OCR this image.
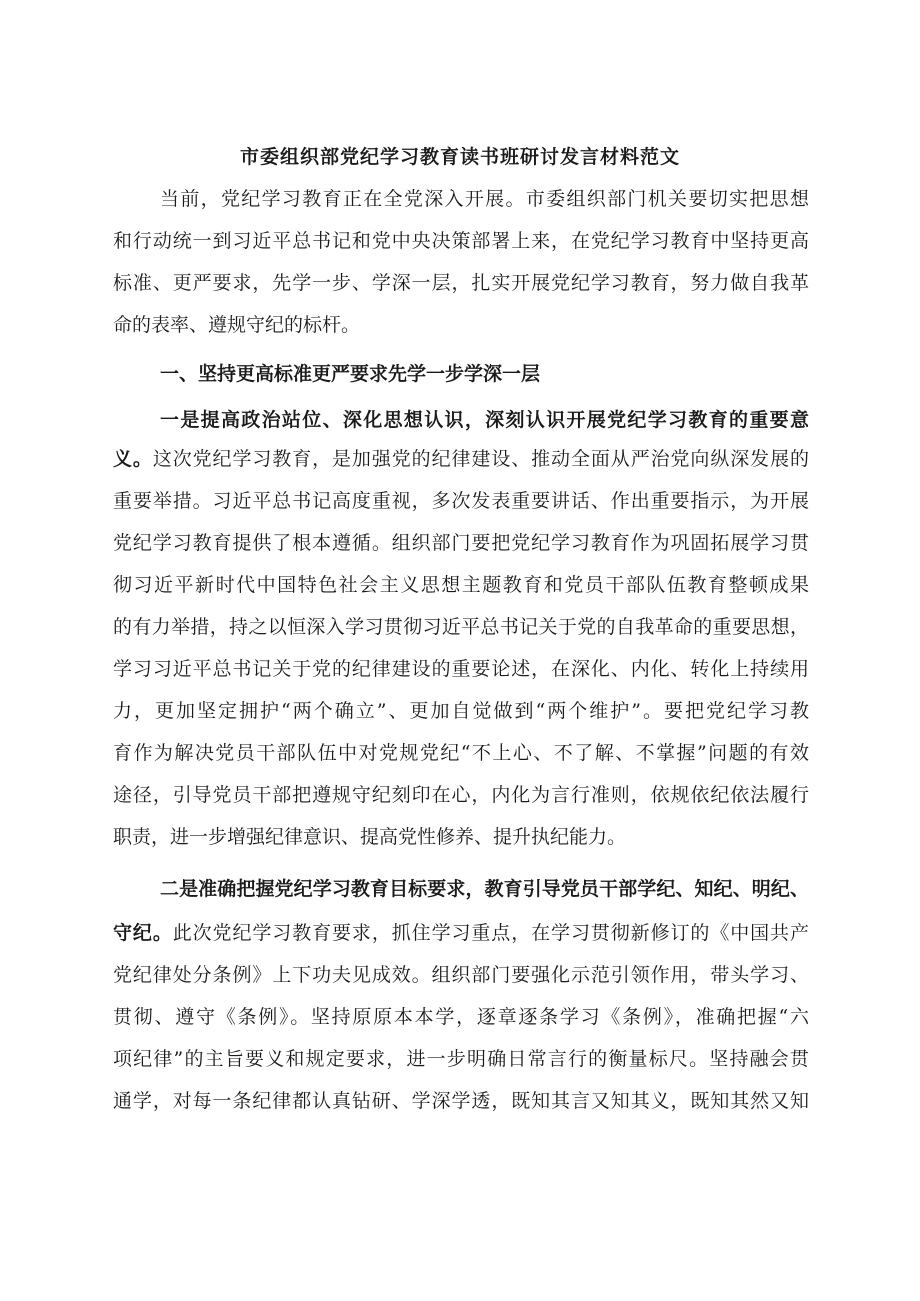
市委组织部党纪学习教育读书班研讨发言材料范文
当前，党纪学习教育正在全党深入开展。市委组织部门机关要切实把思想
和行动统一到习近平总书记和党中央决策部署上来，在党纪学习教育中坚持更高
标准、更严要求，先学一步、学深一层，扎实开展党纪学习教育，努力做自我革
命的表率、遵规守纪的标杆。
一、坚持更高标准更严要求先学一步学深一层
一是提高政治站位、深化思想认识，深刻认识开展党纪学习教育的重要意
义。这次党纪学习教育，是加强党的纪律建设、推动全面从严治党向纵深发展的
重要举措。习近平总书记高度重视，多次发表重要讲话、作出重要指示，为开展
党纪学习教育提供了根本遵循。组织部门要把党纪学习教育作为巩固拓展学习贯
彻习近平新时代中国特色社会主义思想主题教育和党员干部队伍教育整顿成果
的有力举措，持之以恒深入学习贯彻习近平总书记关于党的自我革命的重要思想，
学习习近平总书记关于党的纪律建设的重要论述，在深化、内化、转化上持续用
力，更加坚定拥护“两个确立”、更加自觉做到“两个维护”。要把党纪学习教
育作为解决党员干部队伍中对党规党纪“不上心、不了解、不掌握”问题的有效
途径，引导党员干部把遵规守纪刻印在心，内化为言行准则，依规依纪依法履行
职责，进一步增强纪律意识、提高党性修养、提升执纪能力。
二是准确把握党纪学习教育目标要求，教育引导党员干部学纪、知纪、明纪、
守纪。此次党纪学习教育要求，抓住学习重点，在学习贯彻新修订的《中国共产
党纪律处分条例》上下功夫见成效。组织部门要强化示范引领作用，带头学习、
贯彻、遵守《条例》。坚持原原本本学，逐章逐条学习《条例》，准确把握“六
项纪律”的主旨要义和规定要求，进一步明确日常言行的衡量标尺。坚持融会贯
通学，对每一条纪律都认真钻研、学深学透，既知其言又知其义，既知其然又知
